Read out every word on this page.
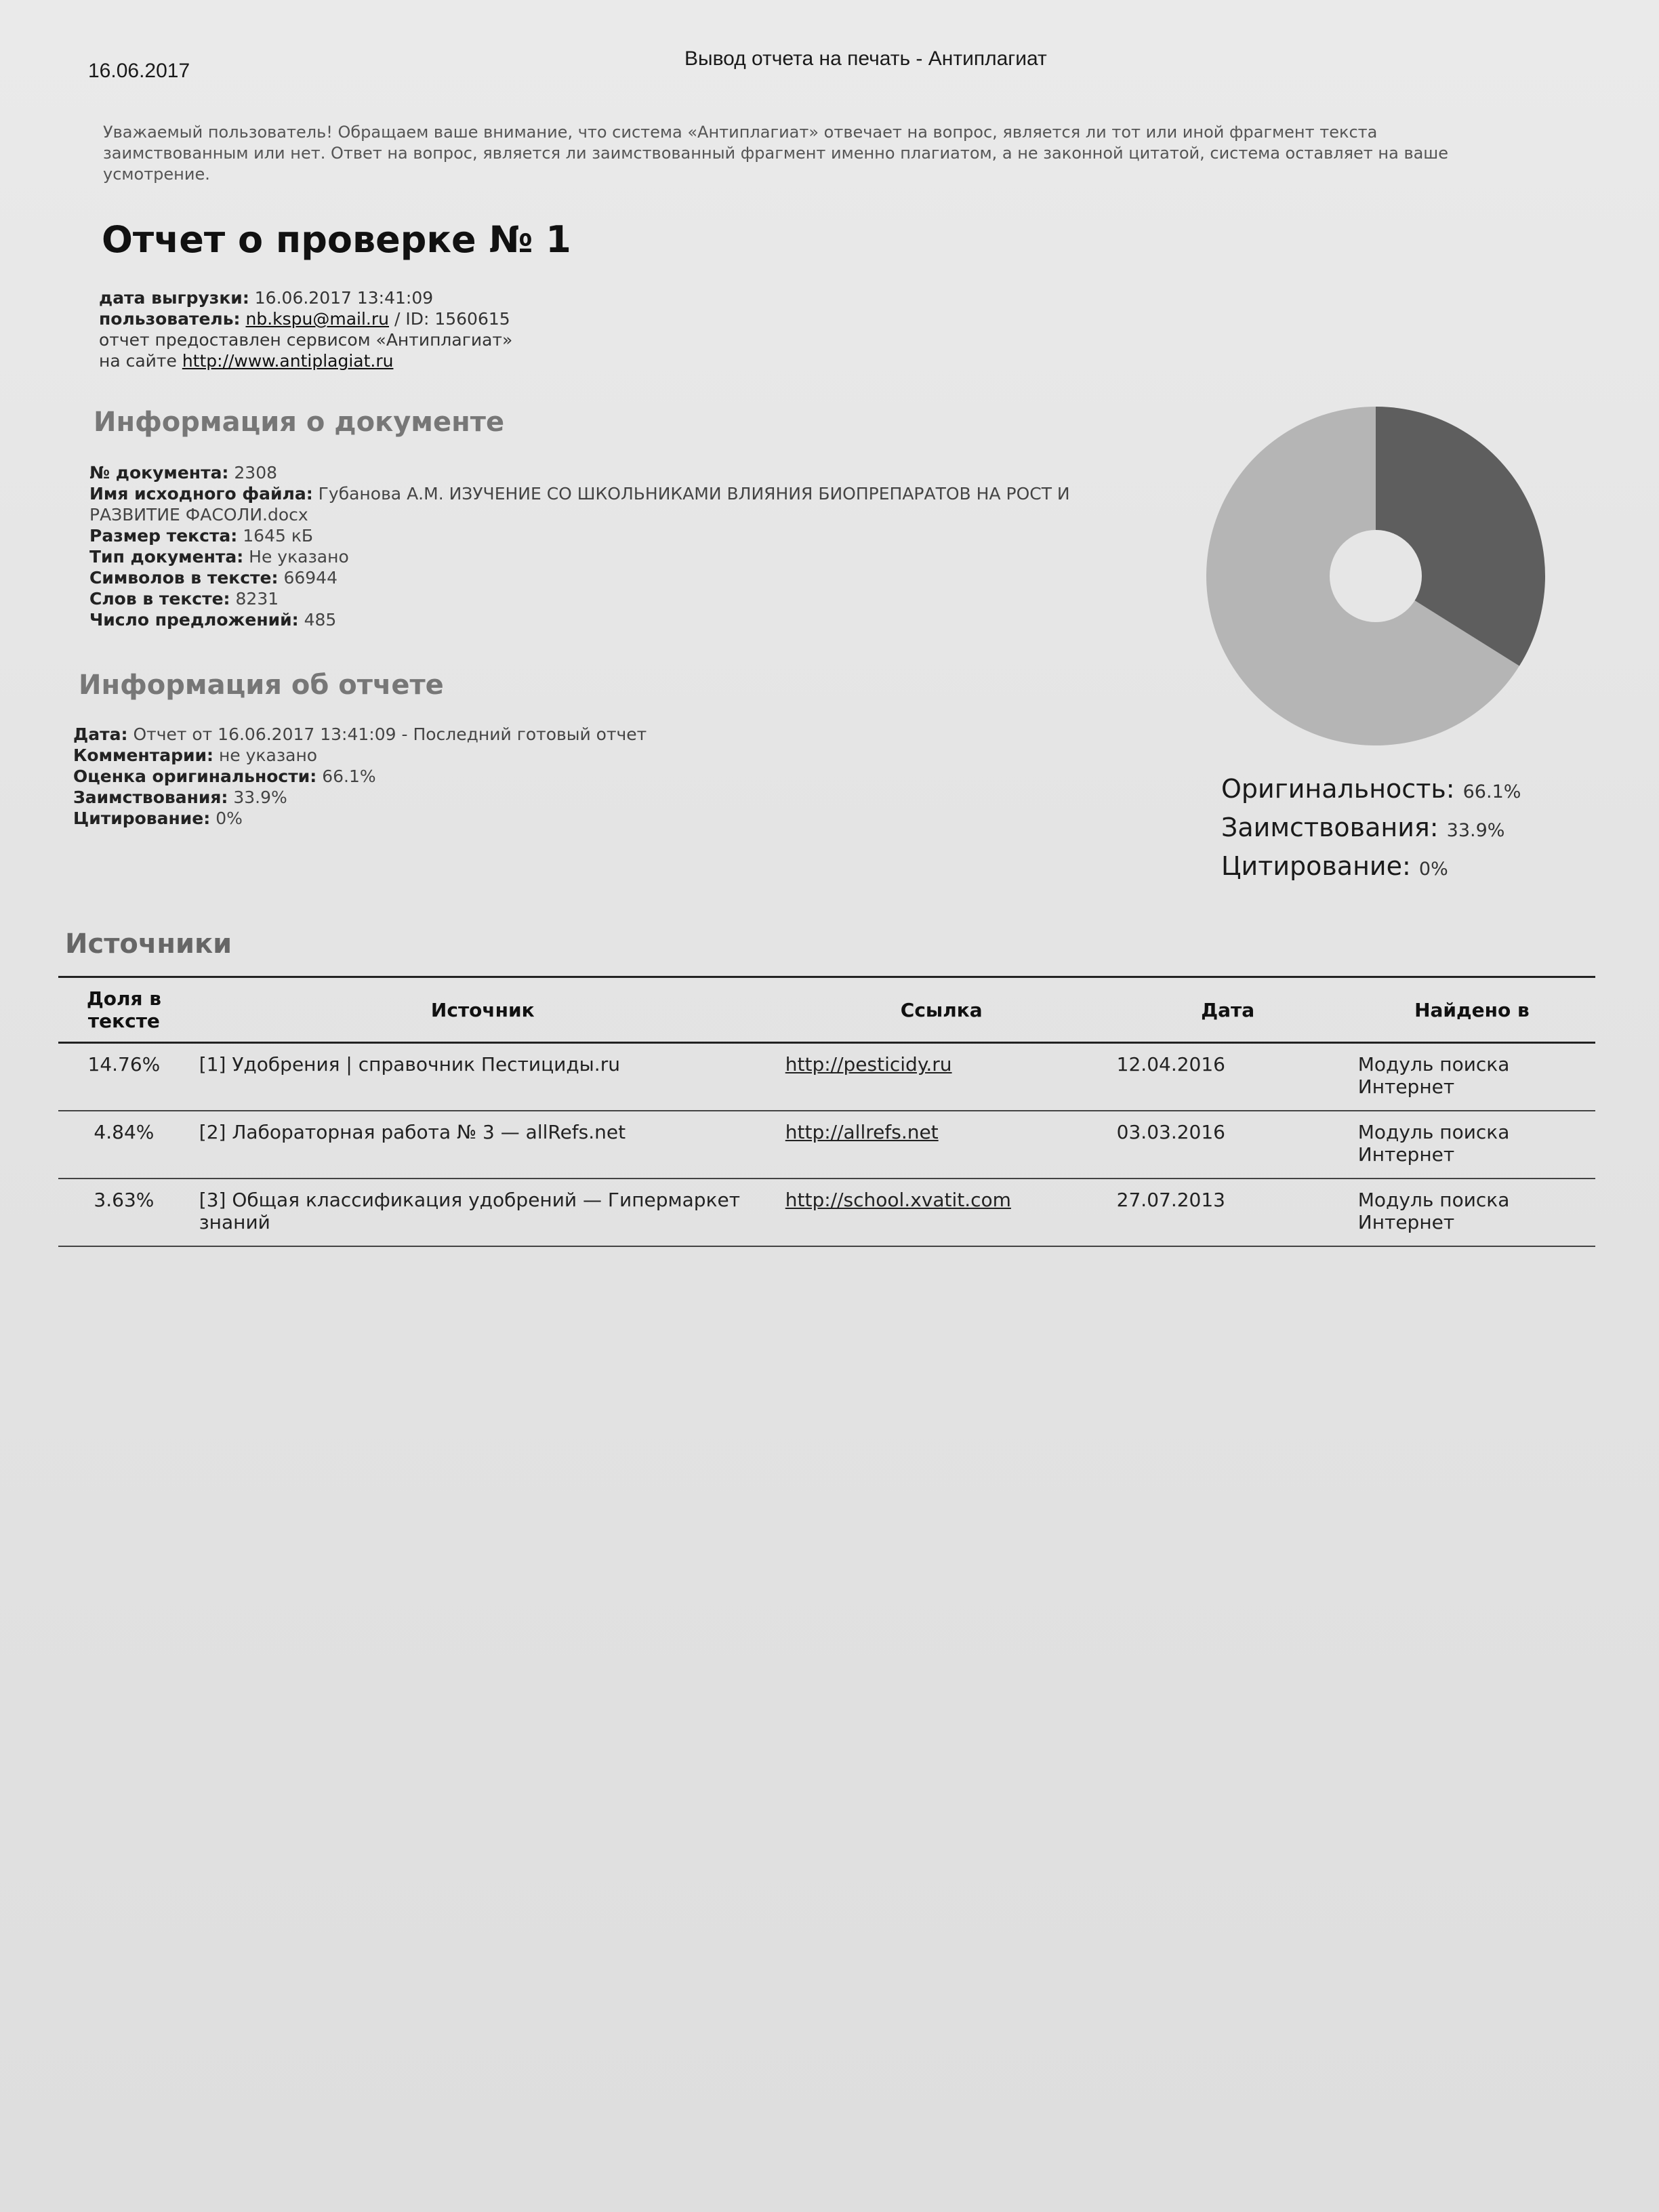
16.06.2017
Вывод отчета на печать - Антиплагиат
Уважаемый пользователь! Обращаем ваше внимание, что система «Антиплагиат» отвечает на вопрос, является ли тот или иной фрагмент текста заимствованным или нет. Ответ на вопрос, является ли заимствованный фрагмент именно плагиатом, а не законной цитатой, система оставляет на ваше усмотрение.
Отчет о проверке № 1
дата выгрузки: 16.06.2017 13:41:09
пользователь: nb.kspu@mail.ru / ID: 1560615
отчет предоставлен сервисом «Антиплагиат»
на сайте http://www.antiplagiat.ru
Информация о документе
№ документа: 2308
Имя исходного файла: Губанова А.М. ИЗУЧЕНИЕ СО ШКОЛЬНИКАМИ ВЛИЯНИЯ БИОПРЕПАРАТОВ НА РОСТ И
РАЗВИТИЕ ФАСОЛИ.docx
Размер текста: 1645 кБ
Тип документа: Не указано
Символов в тексте: 66944
Слов в тексте: 8231
Число предложений: 485
Информация об отчете
Дата: Отчет от 16.06.2017 13:41:09 - Последний готовый отчет
Комментарии: не указано
Оценка оригинальности: 66.1%
Заимствования: 33.9%
Цитирование: 0%
Оригинальность: 66.1%
Заимствования: 33.9%
Цитирование: 0%
Источники
Доля в тексте	Источник	Ссылка	Дата	Найдено в
14.76%	[1] Удобрения | справочник Пестициды.ru	http://pesticidy.ru	12.04.2016	Модуль поиска Интернет
4.84%	[2] Лабораторная работа № 3 — allRefs.net	http://allrefs.net	03.03.2016	Модуль поиска Интернет
3.63%	[3] Общая классификация удобрений — Гипермаркет знаний	http://school.xvatit.com	27.07.2013	Модуль поиска Интернет
